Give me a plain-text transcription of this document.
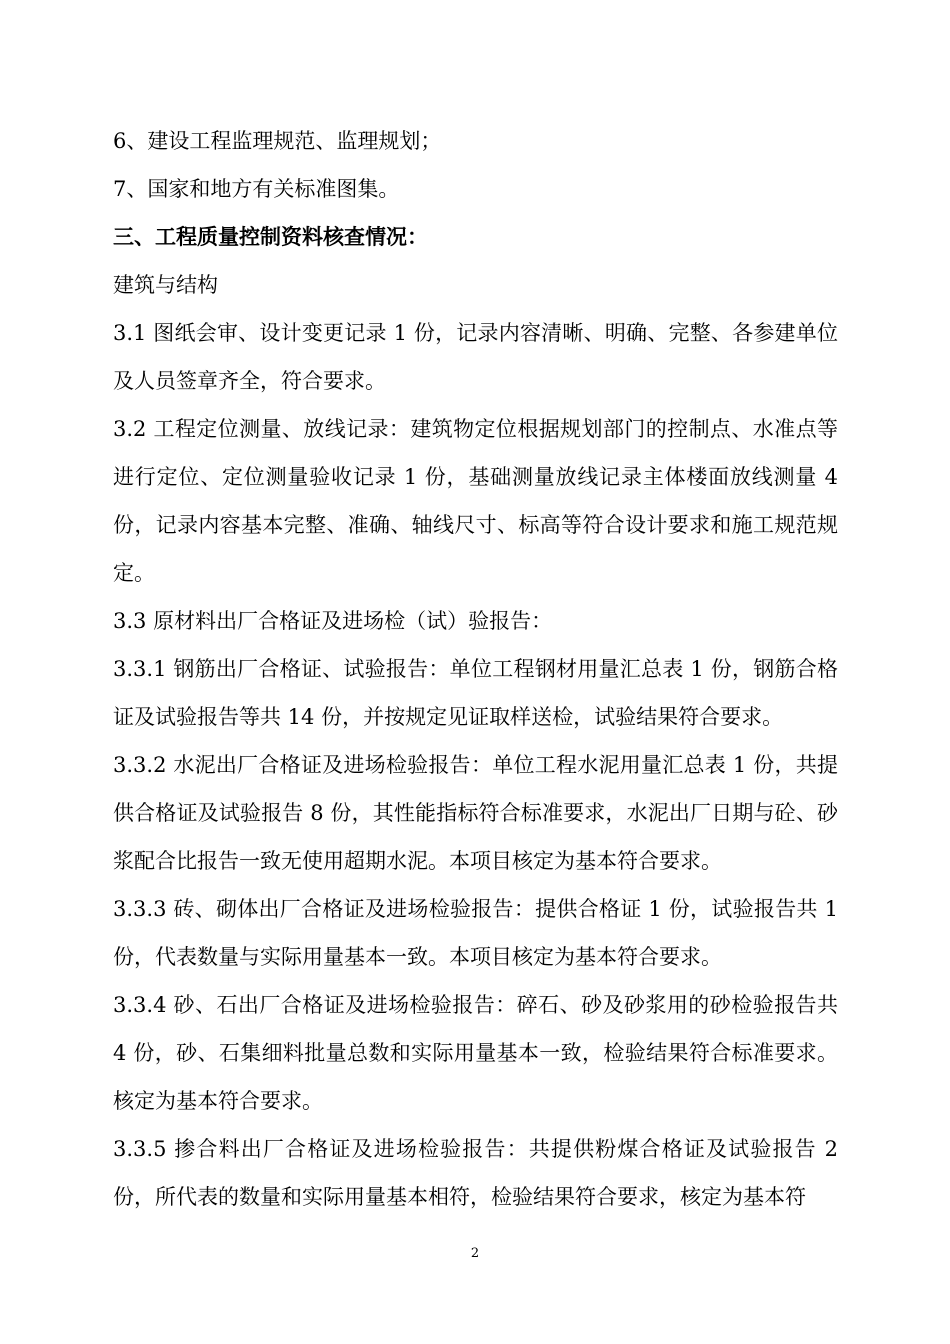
6、建设工程监理规范、监理规划；

7、国家和地方有关标准图集。

三、工程质量控制资料核查情况：

建筑与结构

3.1 图纸会审、设计变更记录 1 份，记录内容清晰、明确、完整、各参建单位及人员签章齐全，符合要求。

3.2 工程定位测量、放线记录：建筑物定位根据规划部门的控制点、水准点等进行定位、定位测量验收记录 1 份，基础测量放线记录主体楼面放线测量 4 份，记录内容基本完整、准确、轴线尺寸、标高等符合设计要求和施工规范规定。

3.3 原材料出厂合格证及进场检（试）验报告：

3.3.1 钢筋出厂合格证、试验报告：单位工程钢材用量汇总表 1 份，钢筋合格证及试验报告等共 14 份，并按规定见证取样送检，试验结果符合要求。

3.3.2 水泥出厂合格证及进场检验报告：单位工程水泥用量汇总表 1 份，共提供合格证及试验报告 8 份，其性能指标符合标准要求，水泥出厂日期与砼、砂浆配合比报告一致无使用超期水泥。本项目核定为基本符合要求。

3.3.3 砖、砌体出厂合格证及进场检验报告：提供合格证 1 份，试验报告共 1 份，代表数量与实际用量基本一致。本项目核定为基本符合要求。

3.3.4 砂、石出厂合格证及进场检验报告：碎石、砂及砂浆用的砂检验报告共 4 份，砂、石集细料批量总数和实际用量基本一致，检验结果符合标准要求。核定为基本符合要求。

3.3.5 掺合料出厂合格证及进场检验报告：共提供粉煤合格证及试验报告 2 份，所代表的数量和实际用量基本相符，检验结果符合要求，核定为基本符

2
